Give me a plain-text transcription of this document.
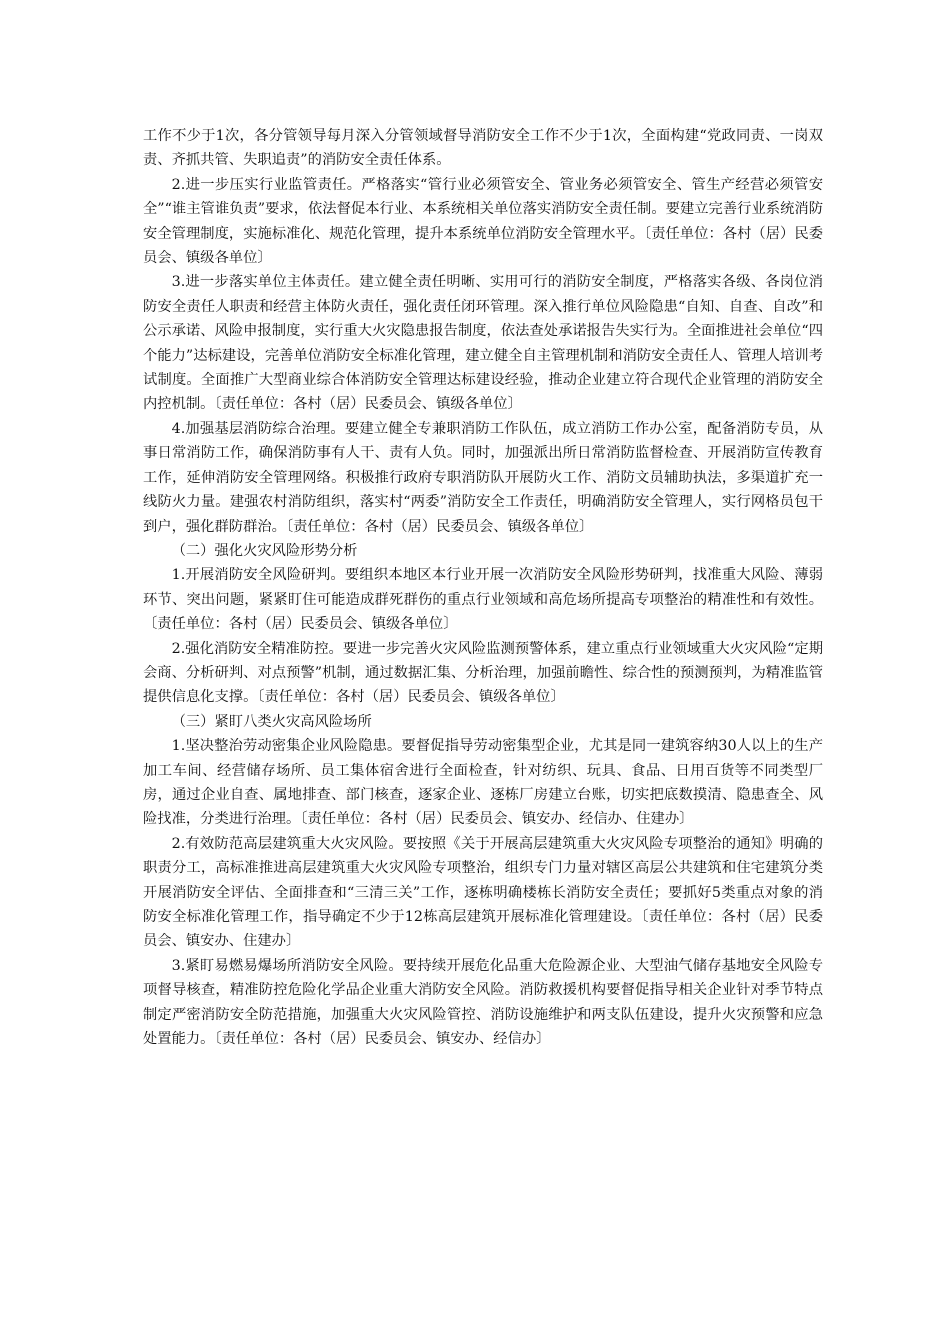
工作不少于1次，各分管领导每月深入分管领域督导消防安全工作不少于1次，全面构建“党政同责、一岗双责、齐抓共管、失职追责”的消防安全责任体系。

2.进一步压实行业监管责任。严格落实“管行业必须管安全、管业务必须管安全、管生产经营必须管安全”“谁主管谁负责”要求，依法督促本行业、本系统相关单位落实消防安全责任制。要建立完善行业系统消防安全管理制度，实施标准化、规范化管理，提升本系统单位消防安全管理水平。〔责任单位：各村（居）民委员会、镇级各单位〕

3.进一步落实单位主体责任。建立健全责任明晰、实用可行的消防安全制度，严格落实各级、各岗位消防安全责任人职责和经营主体防火责任，强化责任闭环管理。深入推行单位风险隐患“自知、自查、自改”和公示承诺、风险申报制度，实行重大火灾隐患报告制度，依法查处承诺报告失实行为。全面推进社会单位“四个能力”达标建设，完善单位消防安全标准化管理，建立健全自主管理机制和消防安全责任人、管理人培训考试制度。全面推广大型商业综合体消防安全管理达标建设经验，推动企业建立符合现代企业管理的消防安全内控机制。〔责任单位：各村（居）民委员会、镇级各单位〕

4.加强基层消防综合治理。要建立健全专兼职消防工作队伍，成立消防工作办公室，配备消防专员，从事日常消防工作，确保消防事有人干、责有人负。同时，加强派出所日常消防监督检查、开展消防宣传教育工作，延伸消防安全管理网络。积极推行政府专职消防队开展防火工作、消防文员辅助执法，多渠道扩充一线防火力量。建强农村消防组织，落实村“两委”消防安全工作责任，明确消防安全管理人，实行网格员包干到户，强化群防群治。〔责任单位：各村（居）民委员会、镇级各单位〕

（二）强化火灾风险形势分析

1.开展消防安全风险研判。要组织本地区本行业开展一次消防安全风险形势研判，找准重大风险、薄弱环节、突出问题，紧紧盯住可能造成群死群伤的重点行业领域和高危场所提高专项整治的精准性和有效性。〔责任单位：各村（居）民委员会、镇级各单位〕

2.强化消防安全精准防控。要进一步完善火灾风险监测预警体系，建立重点行业领域重大火灾风险“定期会商、分析研判、对点预警”机制，通过数据汇集、分析治理，加强前瞻性、综合性的预测预判，为精准监管提供信息化支撑。〔责任单位：各村（居）民委员会、镇级各单位〕

（三）紧盯八类火灾高风险场所

1.坚决整治劳动密集企业风险隐患。要督促指导劳动密集型企业，尤其是同一建筑容纳30人以上的生产加工车间、经营储存场所、员工集体宿舍进行全面检查，针对纺织、玩具、食品、日用百货等不同类型厂房，通过企业自查、属地排查、部门核查，逐家企业、逐栋厂房建立台账，切实把底数摸清、隐患查全、风险找准，分类进行治理。〔责任单位：各村（居）民委员会、镇安办、经信办、住建办〕

2.有效防范高层建筑重大火灾风险。要按照《关于开展高层建筑重大火灾风险专项整治的通知》明确的职责分工，高标准推进高层建筑重大火灾风险专项整治，组织专门力量对辖区高层公共建筑和住宅建筑分类开展消防安全评估、全面排查和“三清三关”工作，逐栋明确楼栋长消防安全责任；要抓好5类重点对象的消防安全标准化管理工作，指导确定不少于12栋高层建筑开展标准化管理建设。〔责任单位：各村（居）民委员会、镇安办、住建办〕

3.紧盯易燃易爆场所消防安全风险。要持续开展危化品重大危险源企业、大型油气储存基地安全风险专项督导核查，精准防控危险化学品企业重大消防安全风险。消防救援机构要督促指导相关企业针对季节特点制定严密消防安全防范措施，加强重大火灾风险管控、消防设施维护和两支队伍建设，提升火灾预警和应急处置能力。〔责任单位：各村（居）民委员会、镇安办、经信办〕
